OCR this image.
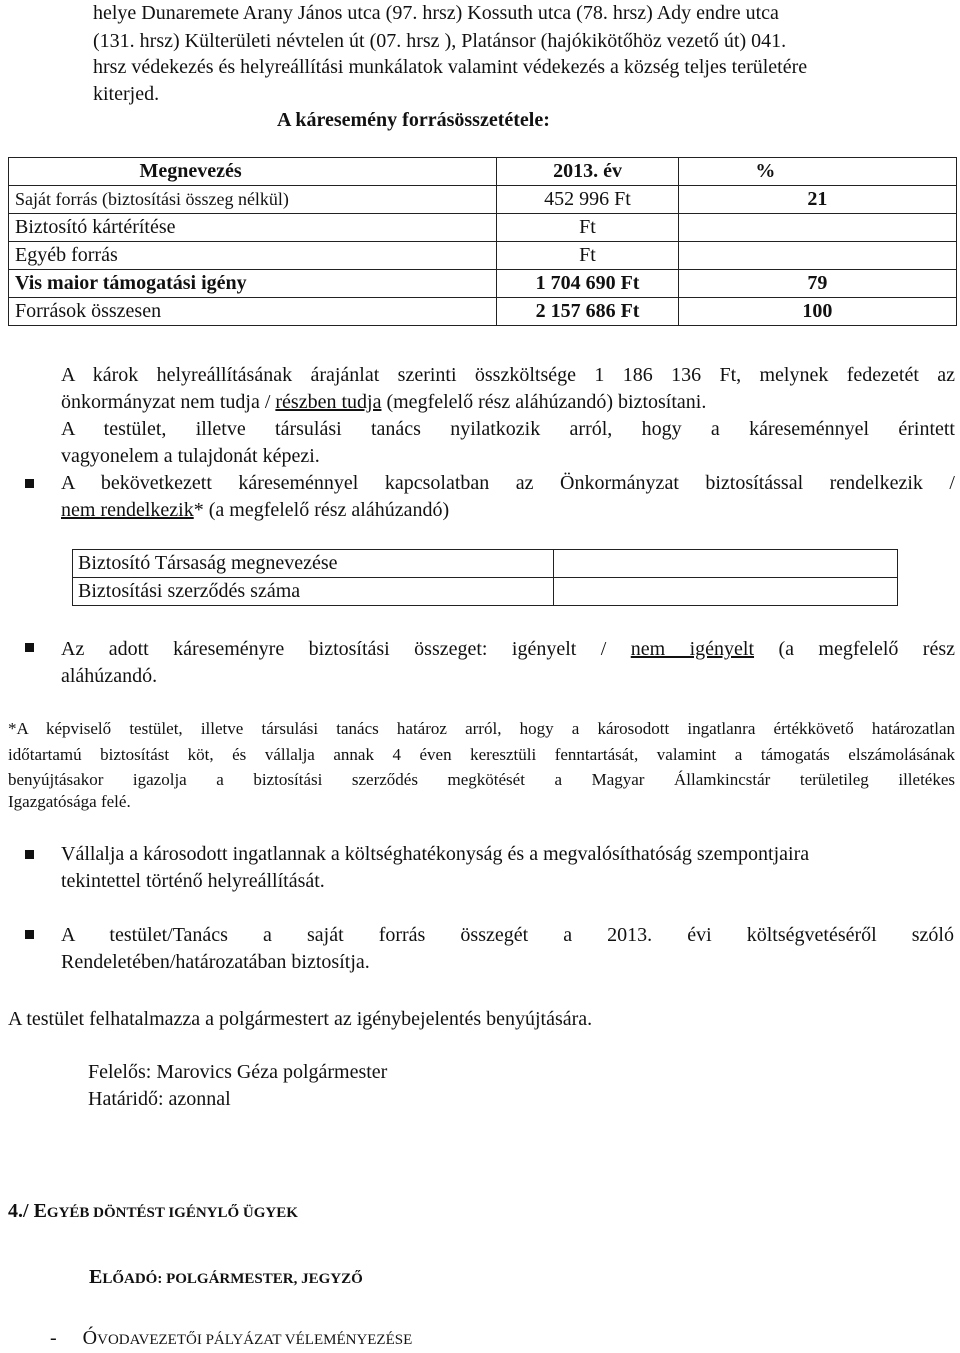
helye Dunaremete Arany János utca (97. hrsz) Kossuth utca (78. hrsz) Ady endre utca
(131. hrsz) Külterületi névtelen út (07. hrsz ), Platánsor (hajókikötőhöz vezető út) 041.
hrsz védekezés és helyreállítási munkálatok valamint védekezés a község teljes területére
kiterjed.
A káresemény forrásösszetétele:
Megnevezés	2013. év	%
Saját forrás (biztosítási összeg nélkül)	452 996 Ft	21
Biztosító kártérítése	Ft	
Egyéb forrás	Ft	
Vis maior támogatási igény	1 704 690 Ft	79
Források összesen	2 157 686 Ft	100
A károk helyreállításának árajánlat szerinti összköltsége 1 186 136 Ft, melynek fedezetét az
önkormányzat nem tudja / részben tudja (megfelelő rész aláhúzandó) biztosítani.
A testület, illetve társulási tanács nyilatkozik arról, hogy a káreseménnyel érintett
vagyonelem a tulajdonát képezi.
A bekövetkezett káreseménnyel kapcsolatban az Önkormányzat biztosítással rendelkezik /
nem rendelkezik* (a megfelelő rész aláhúzandó)
Biztosító Társaság megnevezése	
Biztosítási szerződés száma	
Az adott káreseményre biztosítási összeget: igényelt / nem igényelt (a megfelelő rész
aláhúzandó.
*A képviselő testület, illetve társulási tanács határoz arról, hogy a károsodott ingatlanra értékkövető határozatlan
időtartamú biztosítást köt, és vállalja annak 4 éven keresztüli fenntartását, valamint a támogatás elszámolásának
benyújtásakor igazolja a biztosítási szerződés megkötését a Magyar Államkincstár területileg illetékes
Igazgatósága felé.
Vállalja a károsodott ingatlannak a költséghatékonyság és a megvalósíthatóság szempontjaira
tekintettel történő helyreállítását.
A testület/Tanács a saját forrás összegét a 2013. évi költségvetéséről szóló
Rendeletében/határozatában biztosítja.
A testület felhatalmazza a polgármestert az igénybejelentés benyújtására.
Felelős: Marovics Géza polgármester
Határidő: azonnal
4./ EGYÉB DÖNTÉST IGÉNYLŐ ÜGYEK
ELŐADÓ: POLGÁRMESTER, JEGYZŐ
- ÓVODAVEZETŐI PÁLYÁZAT VÉLEMÉNYEZÉSE
